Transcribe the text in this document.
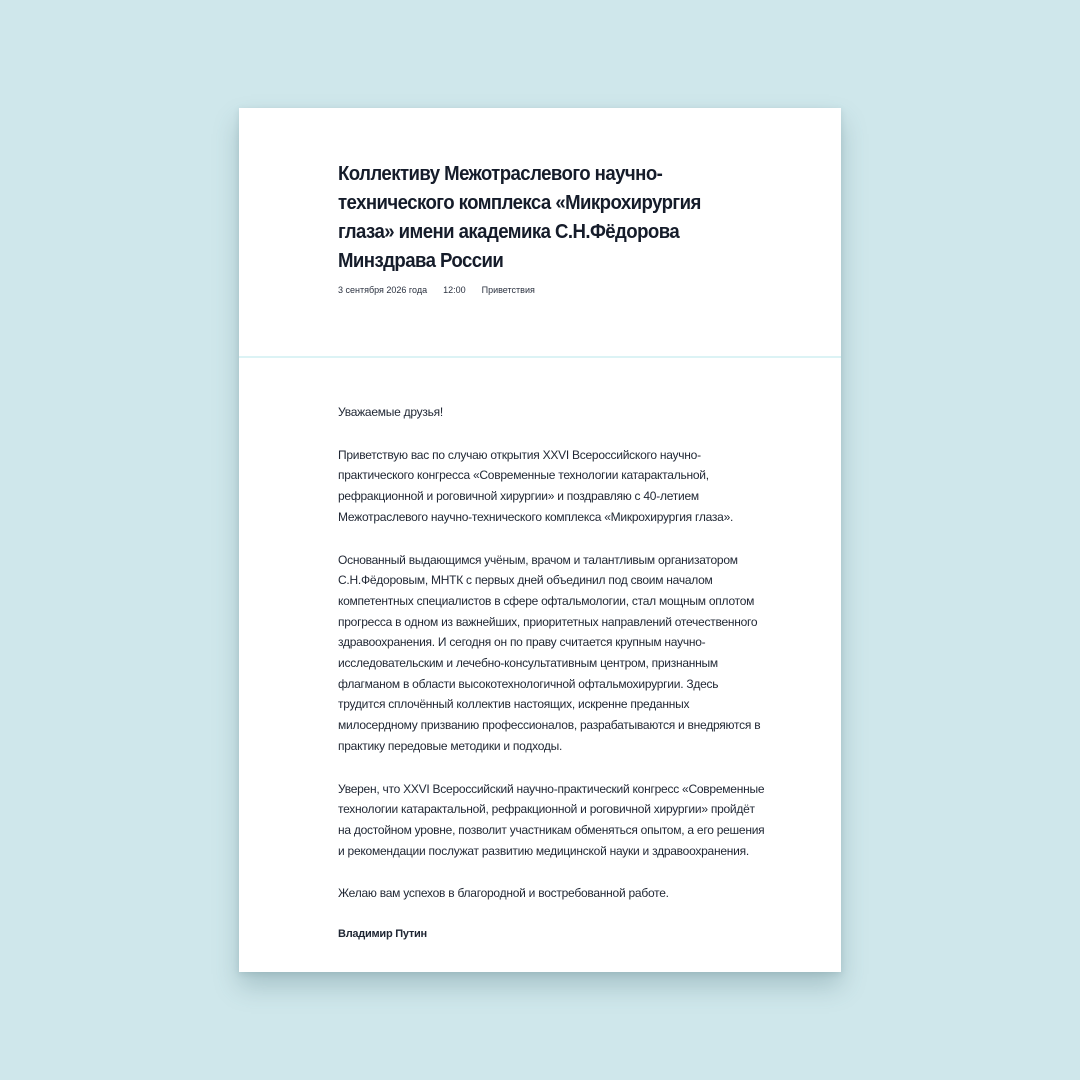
Коллективу Межотраслевого научно-технического комплекса «Микрохирургия глаза» имени академика С.Н.Фёдорова Минздрава России
3 сентября 2026 года 12:00 Приветствия

Уважаемые друзья!

Приветствую вас по случаю открытия XXVI Всероссийского научно-практического конгресса «Современные технологии катарактальной, рефракционной и роговичной хирургии» и поздравляю с 40-летием Межотраслевого научно-технического комплекса «Микрохирургия глаза».

Основанный выдающимся учёным, врачом и талантливым организатором С.Н.Фёдоровым, МНТК с первых дней объединил под своим началом компетентных специалистов в сфере офтальмологии, стал мощным оплотом прогресса в одном из важнейших, приоритетных направлений отечественного здравоохранения. И сегодня он по праву считается крупным научно-исследовательским и лечебно-консультативным центром, признанным флагманом в области высокотехнологичной офтальмохирургии. Здесь трудится сплочённый коллектив настоящих, искренне преданных милосердному призванию профессионалов, разрабатываются и внедряются в практику передовые методики и подходы.

Уверен, что XXVI Всероссийский научно-практический конгресс «Современные технологии катарактальной, рефракционной и роговичной хирургии» пройдёт на достойном уровне, позволит участникам обменяться опытом, а его решения и рекомендации послужат развитию медицинской науки и здравоохранения.

Желаю вам успехов в благородной и востребованной работе.

Владимир Путин
